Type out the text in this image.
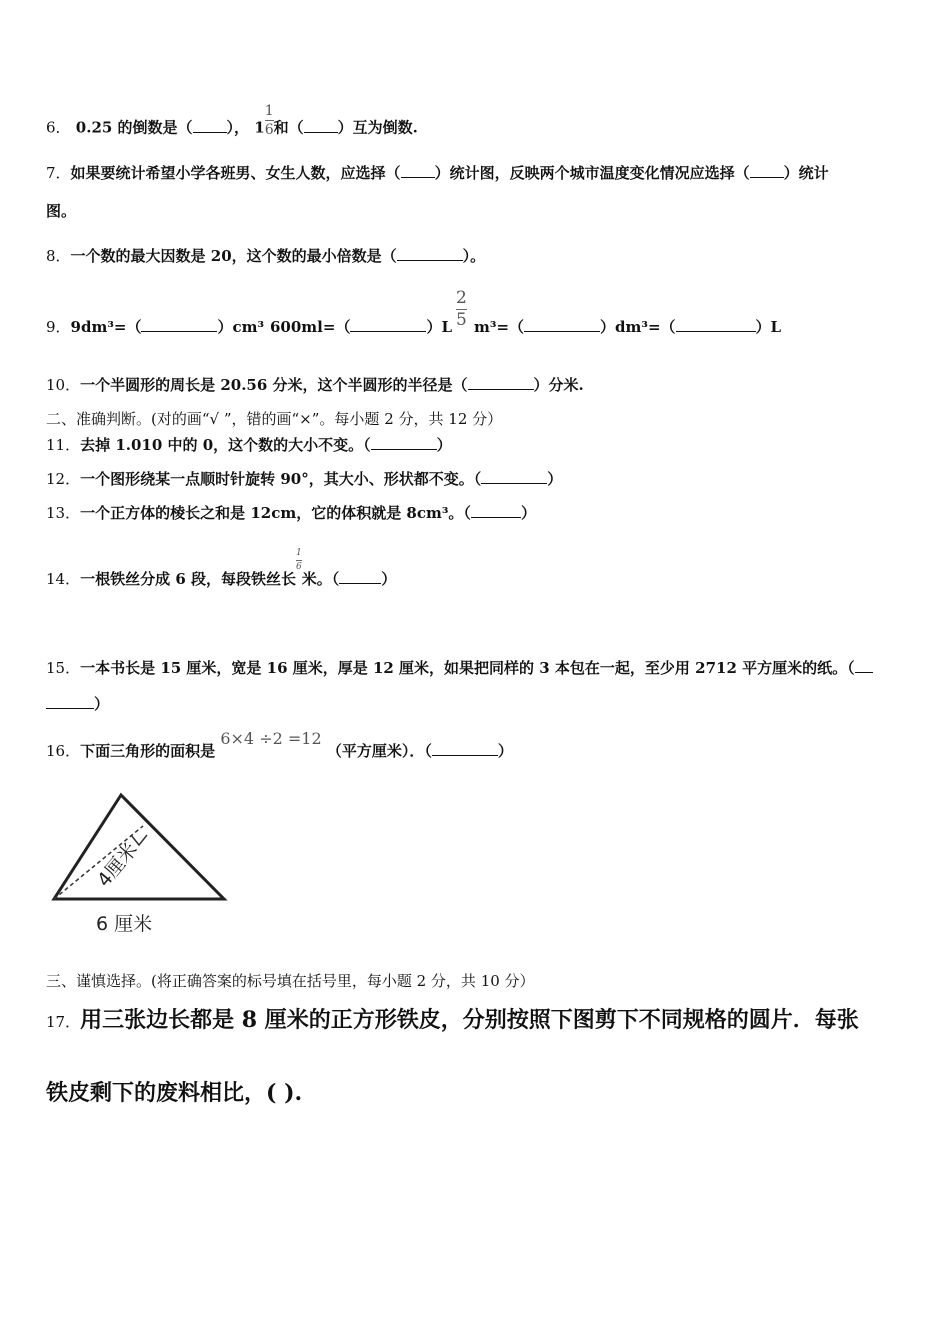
6． 0.25 的倒数是（ ）， $1 \frac{1}{6}$ 和（ ）互为倒数.
7．如果要统计希望小学各班男、女生人数，应选择（ ）统计图，反映两个城市温度变化情况应选择（ ）统计
图。
8．一个数的最大因数是 20，这个数的最小倍数是（	）。
9．9dm³=（	）cm³ 600ml=（	）L
2
5 m³=（	）dm³=（	）L
10．一个半圆形的周长是 20.56 分米，这个半圆形的半径是（	）分米.
二、准确判断。(对的画“√ ”，错的画“×”。每小题 2 分，共 12 分）
11．去掉 1.010 中的 0，这个数的大小不变。（	）
12．一个图形绕某一点顺时针旋转 90°，其大小、形状都不变。（	）
13．一个正方体的棱长之和是 12cm，它的体积就是 8cm³。（	）
14．一根铁丝分成 6 段，每段铁丝长
$\frac{1}{6}$
米。（	）
15．一本书长是 15 厘米，宽是 16 厘米，厚是 12 厘米，如果把同样的 3 本包在一起，至少用 2712 平方厘米的纸。（
）
16．下面三角形的面积是 6×4 ÷2 =12 （平方厘米）．（	）
4厘米
6 厘米
三、谨慎选择。(将正确答案的标号填在括号里，每小题 2 分，共 10 分）
17．用三张边长都是 8 厘米的正方形铁皮，分别按照下图剪下不同规格的圆片．每张
铁皮剩下的废料相比，( ).
